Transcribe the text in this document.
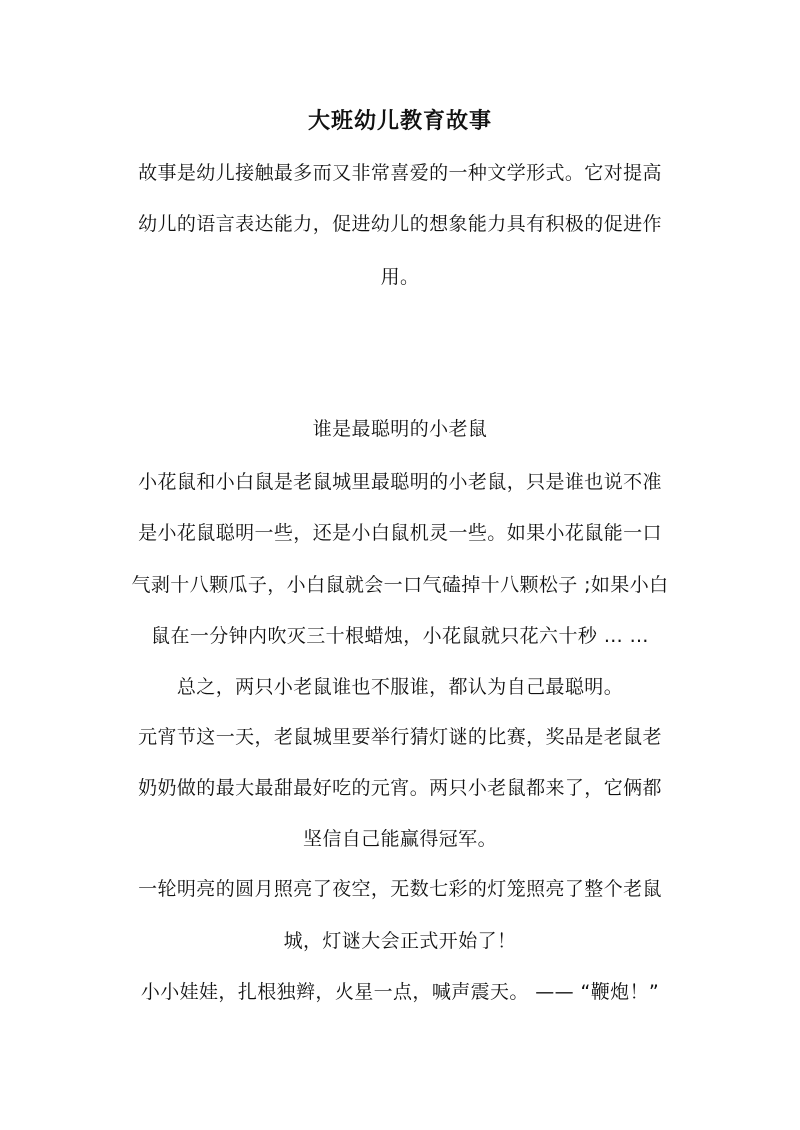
大班幼儿教育故事
故事是幼儿接触最多而又非常喜爱的一种文学形式。它对提高
幼儿的语言表达能力，促进幼儿的想象能力具有积极的促进作
用。
谁是最聪明的小老鼠
小花鼠和小白鼠是老鼠城里最聪明的小老鼠，只是谁也说不准
是小花鼠聪明一些，还是小白鼠机灵一些。如果小花鼠能一口
气剥十八颗瓜子，小白鼠就会一口气磕掉十八颗松子 ;如果小白
鼠在一分钟内吹灭三十根蜡烛，小花鼠就只花六十秒 … …
总之，两只小老鼠谁也不服谁，都认为自己最聪明。
元宵节这一天，老鼠城里要举行猜灯谜的比赛，奖品是老鼠老
奶奶做的最大最甜最好吃的元宵。两只小老鼠都来了，它俩都
坚信自己能赢得冠军。
一轮明亮的圆月照亮了夜空，无数七彩的灯笼照亮了整个老鼠
城，灯谜大会正式开始了！
小小娃娃，扎根独辫，火星一点，喊声震天。 —— “鞭炮！”
